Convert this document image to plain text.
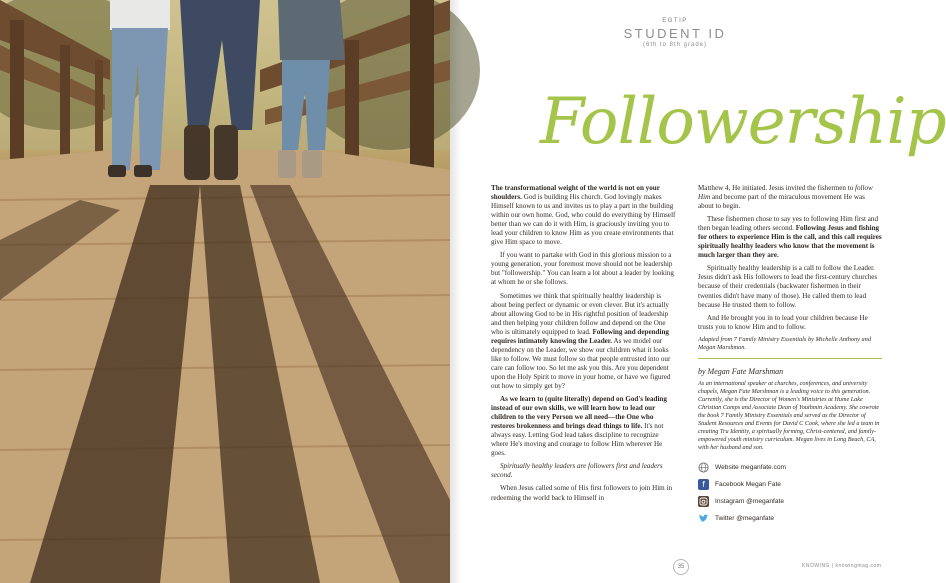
EGTIP
STUDENT ID
(6th to 8th grade)
Followership

The transformational weight of the world is not on your shoulders. God is building His church. God lovingly makes Himself known to us and invites us to play a part in the building within our own home. God, who could do everything by Himself better than we can do it with Him, is graciously inviting you to lead your children to know Him as you create environments that give Him space to move.

If you want to partake with God in this glorious mission to a young generation, your foremost move should not be leadership but "followership." You can learn a lot about a leader by looking at whom he or she follows.

Sometimes we think that spiritually healthy leadership is about being perfect or dynamic or even clever. But it's actually about allowing God to be in His rightful position of leadership and then helping your children follow and depend on the One who is ultimately equipped to lead. Following and depending requires intimately knowing the Leader. As we model our dependency on the Leader, we show our children what it looks like to follow. We must follow so that people entrusted into our care can follow too. So let me ask you this. Are you dependent upon the Holy Spirit to move in your home, or have we figured out how to simply get by?

As we learn to (quite literally) depend on God's leading instead of our own skills, we will learn how to lead our children to the very Person we all need—the One who restores brokenness and brings dead things to life. It's not always easy. Letting God lead takes discipline to recognize where He's moving and courage to follow Him wherever He goes.

Spiritually healthy leaders are followers first and leaders second.

When Jesus called some of His first followers to join Him in redeeming the world back to Himself in

Matthew 4, He initiated. Jesus invited the fishermen to follow Him and become part of the miraculous movement He was about to begin.

These fishermen chose to say yes to following Him first and then began leading others second. Following Jesus and fishing for others to experience Him is the call, and this call requires spiritually healthy leaders who know that the movement is much larger than they are.

Spiritually healthy leadership is a call to follow the Leader. Jesus didn't ask His followers to lead the first-century churches because of their credentials (backwater fishermen in their twenties didn't have many of those). He called them to lead because He trusted them to follow.

And He brought you in to lead your children because He trusts you to know Him and to follow.

Adapted from 7 Family Ministry Essentials by Michelle Anthony and Megan Marshman.
by Megan Fate Marshman
As an international speaker at churches, conferences, and university chapels, Megan Fate Marshman is a leading voice to this generation. Currently, she is the Director of Women's Ministries at Hume Lake Christian Camps and Associate Dean of Youthmin Academy. She cowrote the book 7 Family Ministry Essentials and served as the Director of Student Resources and Events for David C Cook, where she led a team in creating Tru Identity, a spiritually forming, Christ-centered, and family-empowered youth ministry curriculum. Megan lives in Long Beach, CA, with her husband and son.
Website meganfate.com
f	Facebook Megan Fate
Instagram @meganfate
Twitter @meganfate
35	KNOWING | knowingmag.com
